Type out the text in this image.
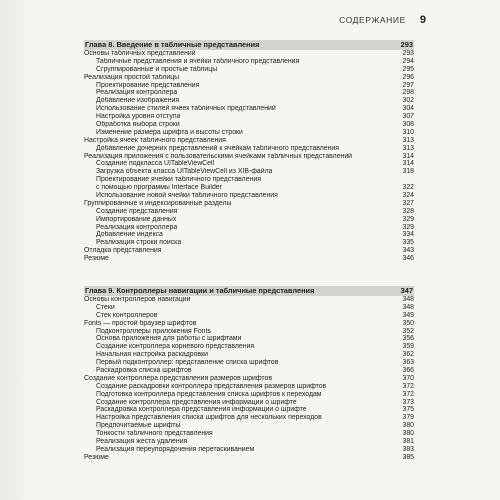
СОДЕРЖАНИЕ 9
Глава 8. Введение в табличные представления	293
Основы табличных представлений	293
Табличные представления и ячейки табличного представления	294
Сгруппированные и простые таблицы	295
Реализация простой таблицы	296
Проектирование представления	297
Реализация контроллера	298
Добавление изображения	302
Использование стилей ячеек табличных представлений	304
Настройка уровня отступа	307
Обработка выбора строки	308
Изменение размера шрифта и высоты строки	310
Настройка ячеек табличного представления	313
Добавление дочерних представлений к ячейкам табличного представления	313
Реализация приложения с пользовательскими ячейками табличных представлений	314
Создание подкласса UITableViewCell	314
Загрузка объекта класса UITableViewCell из XIB-файла	318
Проектирование ячейки табличного представления
с помощью программы Interface Builder	322
Использование новой ячейки табличного представления	324
Группированные и индексированные разделы	327
Создание представления	328
Импортирование данных	329
Реализация контроллера	329
Добавление индекса	334
Реализация строки поиска	335
Отладка представления	343
Резюме	346
Глава 9. Контроллеры навигации и табличные представления	347
Основы контроллеров навигации	348
Стеки	348
Стек контроллеров	349
Fonts — простой браузер шрифтов	350
Подконтроллеры приложения Fonts	352
Основа приложения для работы с шрифтами	356
Создание контроллера корневого представления	359
Начальная настройка раскадровки	362
Первый подконтроллер: представление списка шрифтов	363
Раскадровка списка шрифтов	366
Создание контроллера представления размеров шрифтов	370
Создание раскадровки контроллера представления размеров шрифтов	372
Подготовка контроллера представления списка шрифтов к переходам	372
Создание контроллера представления информации о шрифте	373
Раскадровка контроллера представления информации о шрифте	375
Настройка представления списка шрифтов для нескольких переходов	379
Предпочитаемые шрифты	380
Тонкости табличного представления	380
Реализация жеста удаления	381
Реализация переупорядочения перетаскиванием	383
Резюме	385
